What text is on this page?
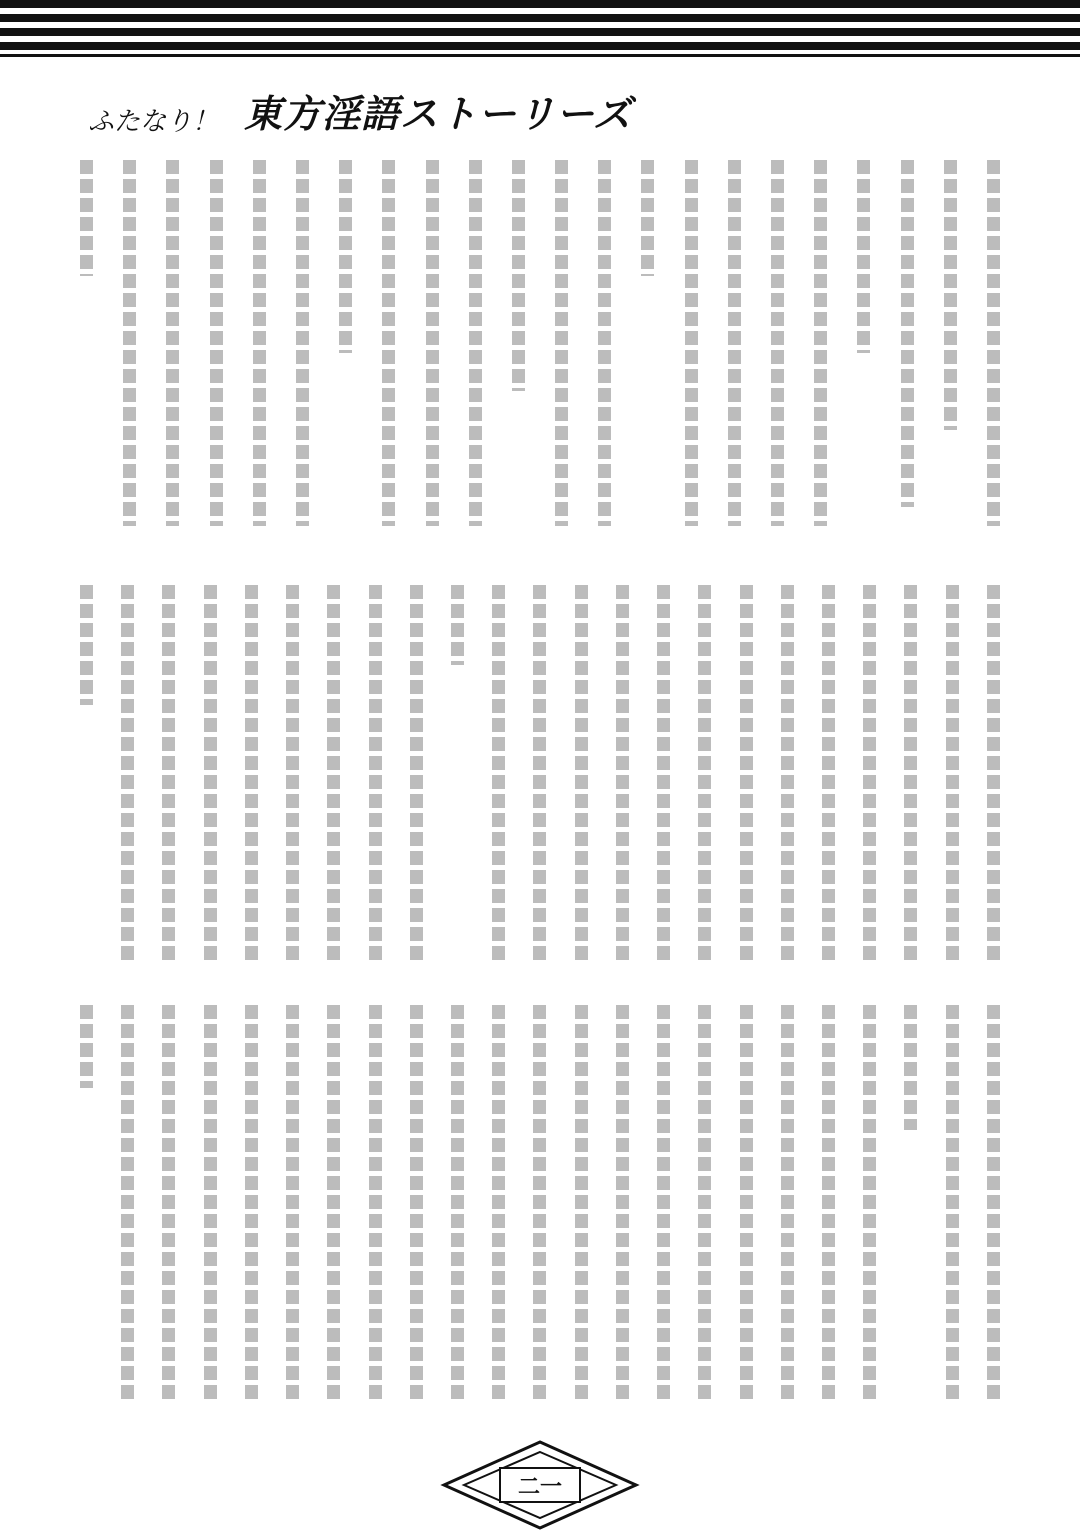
ふたなり！ 東方淫語ストーリーズ
二一
